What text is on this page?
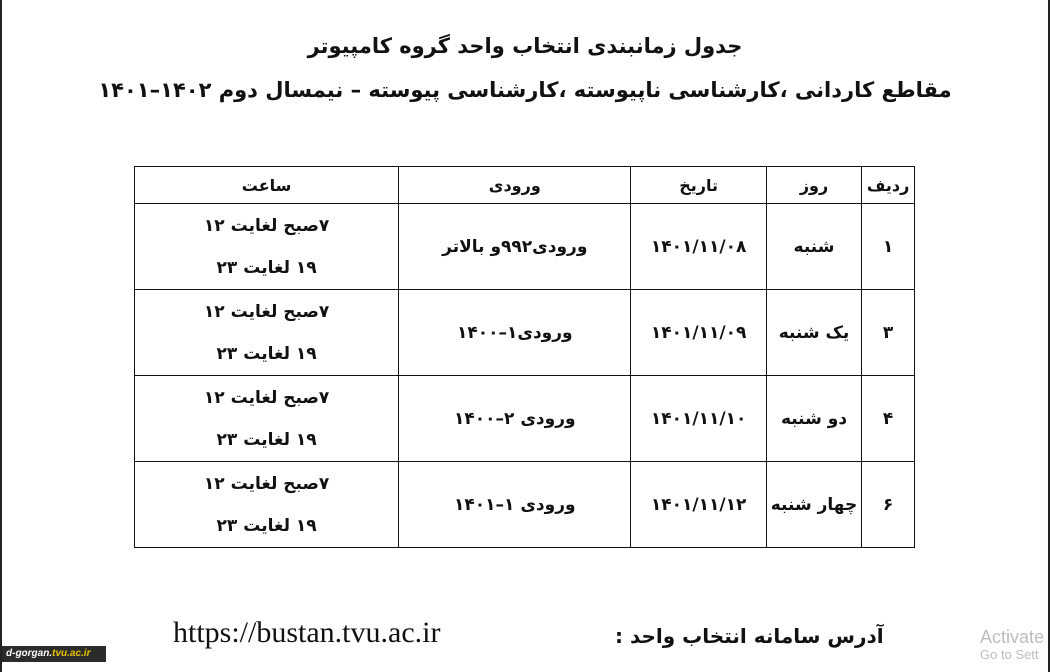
جدول زمانبندی انتخاب واحد گروه کامپیوتر
مقاطع کاردانی ،کارشناسی ناپیوسته ،کارشناسی پیوسته – نیمسال دوم ۱۴۰۲–۱۴۰۱
ردیف	روز	تاریخ	ورودی	ساعت
۱	شنبه	۱۴۰۱/۱۱/۰۸	ورودی۹۹۲و بالاتر	۷صبح لغایت ۱۲
۱۹ لغایت ۲۳

۳	یک شنبه	۱۴۰۱/۱۱/۰۹	ورودی۱–۱۴۰۰	۷صبح لغایت ۱۲
۱۹ لغایت ۲۳

۴	دو شنبه	۱۴۰۱/۱۱/۱۰	ورودی ۲–۱۴۰۰	۷صبح لغایت ۱۲
۱۹ لغایت ۲۳

۶	چهار شنبه	۱۴۰۱/۱۱/۱۲	ورودی ۱–۱۴۰۱	۷صبح لغایت ۱۲
۱۹ لغایت ۲۳
https://bustan.tvu.ac.ir	آدرس سامانه انتخاب واحد :	Activate
Go to Sett
d-gorgan.tvu.ac.ir
